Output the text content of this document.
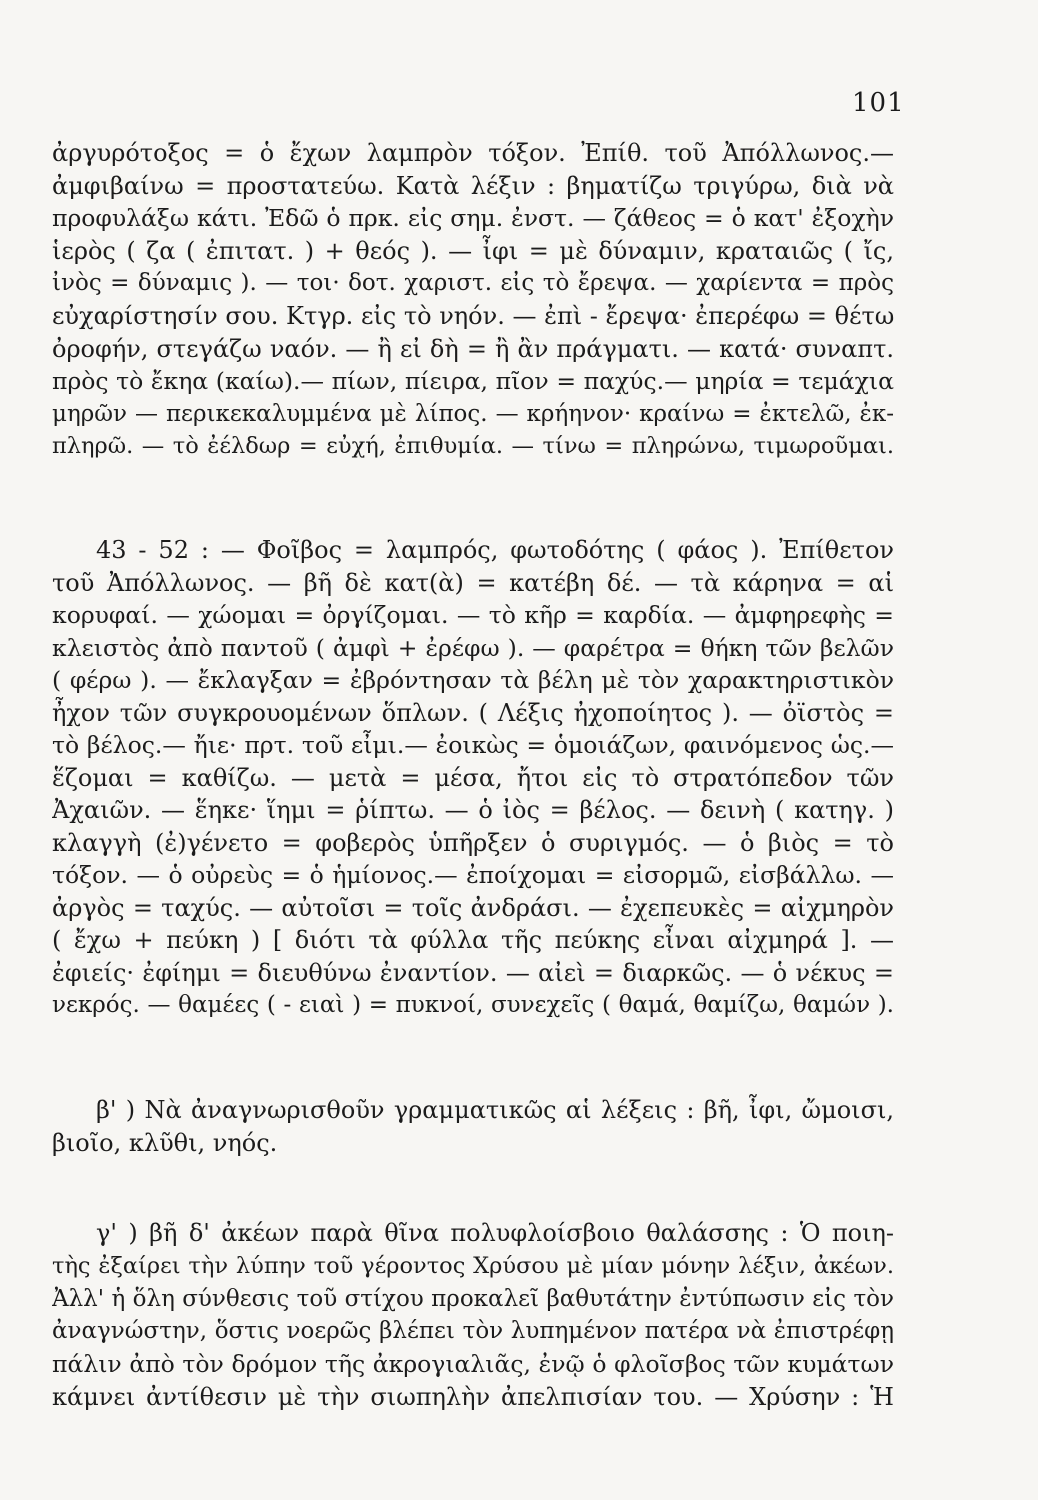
101
ἀργυρότοξος = ὁ ἔχων λαμπρὸν τόξον. Ἐπίθ. τοῦ Ἀπόλλωνος.—
ἀμφιβαίνω = προστατεύω. Κατὰ λέξιν : βηματίζω τριγύρω, διὰ νὰ
προφυλάξω κάτι. Ἐδῶ ὁ πρκ. εἰς σημ. ἐνστ. — ζάθεος = ὁ κατ' ἐξοχὴν
ἱερὸς ( ζα ( ἐπιτατ. ) + θεός ). — ἶφι = μὲ δύναμιν, κραταιῶς ( ἴς,
ἰνὸς = δύναμις ). — τοι· δοτ. χαριστ. εἰς τὸ ἔρεψα. — χαρίεντα = πρὸς
εὐχαρίστησίν σου. Κτγρ. εἰς τὸ νηόν. — ἐπὶ - ἔρεψα· ἐπερέφω = θέτω
ὀροφήν, στεγάζω ναόν. — ἢ εἰ δὴ = ἢ ἂν πράγματι. — κατά· συναπτ.
πρὸς τὸ ἔκηα (καίω).— πίων, πίειρα, πῖον = παχύς.— μηρία = τεμάχια
μηρῶν — περικεκαλυμμένα μὲ λίπος. — κρήηνον· κραίνω = ἐκτελῶ, ἐκ-
πληρῶ. — τὸ ἐέλδωρ = εὐχή, ἐπιθυμία. — τίνω = πληρώνω, τιμωροῦμαι.
43 - 52 : — Φοῖβος = λαμπρός, φωτοδότης ( φάος ). Ἐπίθετον
τοῦ Ἀπόλλωνος. — βῆ δὲ κατ(ὰ) = κατέβη δέ. — τὰ κάρηνα = αἱ
κορυφαί. — χώομαι = ὀργίζομαι. — τὸ κῆρ = καρδία. — ἀμφηρεφὴς =
κλειστὸς ἀπὸ παντοῦ ( ἀμφὶ + ἐρέφω ). — φαρέτρα = θήκη τῶν βελῶν
( φέρω ). — ἔκλαγξαν = ἐβρόντησαν τὰ βέλη μὲ τὸν χαρακτηριστικὸν
ἦχον τῶν συγκρουομένων ὅπλων. ( Λέξις ἠχοποίητος ). — ὀϊστὸς =
τὸ βέλος.— ἤιε· πρτ. τοῦ εἶμι.— ἐοικὼς = ὁμοιάζων, φαινόμενος ὡς.—
ἕζομαι = καθίζω. — μετὰ = μέσα, ἤτοι εἰς τὸ στρατόπεδον τῶν
Ἀχαιῶν. — ἕηκε· ἵημι = ῥίπτω. — ὁ ἰὸς = βέλος. — δεινὴ ( κατηγ. )
κλαγγὴ (ἐ)γένετο = φοβερὸς ὑπῆρξεν ὁ συριγμός. — ὁ βιὸς = τὸ
τόξον. — ὁ οὐρεὺς = ὁ ἡμίονος.— ἐποίχομαι = εἰσορμῶ, εἰσβάλλω. —
ἀργὸς = ταχύς. — αὐτοῖσι = τοῖς ἀνδράσι. — ἐχεπευκὲς = αἰχμηρὸν
( ἔχω + πεύκη ) [ διότι τὰ φύλλα τῆς πεύκης εἶναι αἰχμηρά ]. —
ἐφιείς· ἐφίημι = διευθύνω ἐναντίον. — αἰεὶ = διαρκῶς. — ὁ νέκυς =
νεκρός. — θαμέες ( - ειαὶ ) = πυκνοί, συνεχεῖς ( θαμά, θαμίζω, θαμών ).
β' ) Νὰ ἀναγνωρισθοῦν γραμματικῶς αἱ λέξεις : βῆ, ἶφι, ὤμοισι,
βιοῖο, κλῦθι, νηός.
γ' ) βῆ δ' ἀκέων παρὰ θῖνα πολυφλοίσβοιο θαλάσσης : Ὁ ποιη-
τὴς ἐξαίρει τὴν λύπην τοῦ γέροντος Χρύσου μὲ μίαν μόνην λέξιν, ἀκέων.
Ἀλλ' ἡ ὅλη σύνθεσις τοῦ στίχου προκαλεῖ βαθυτάτην ἐντύπωσιν εἰς τὸν
ἀναγνώστην, ὅστις νοερῶς βλέπει τὸν λυπημένον πατέρα νὰ ἐπιστρέφῃ
πάλιν ἀπὸ τὸν δρόμον τῆς ἀκρογιαλιᾶς, ἐνῷ ὁ φλοῖσβος τῶν κυμάτων
κάμνει ἀντίθεσιν μὲ τὴν σιωπηλὴν ἀπελπισίαν του. — Χρύσην : Ἡ
